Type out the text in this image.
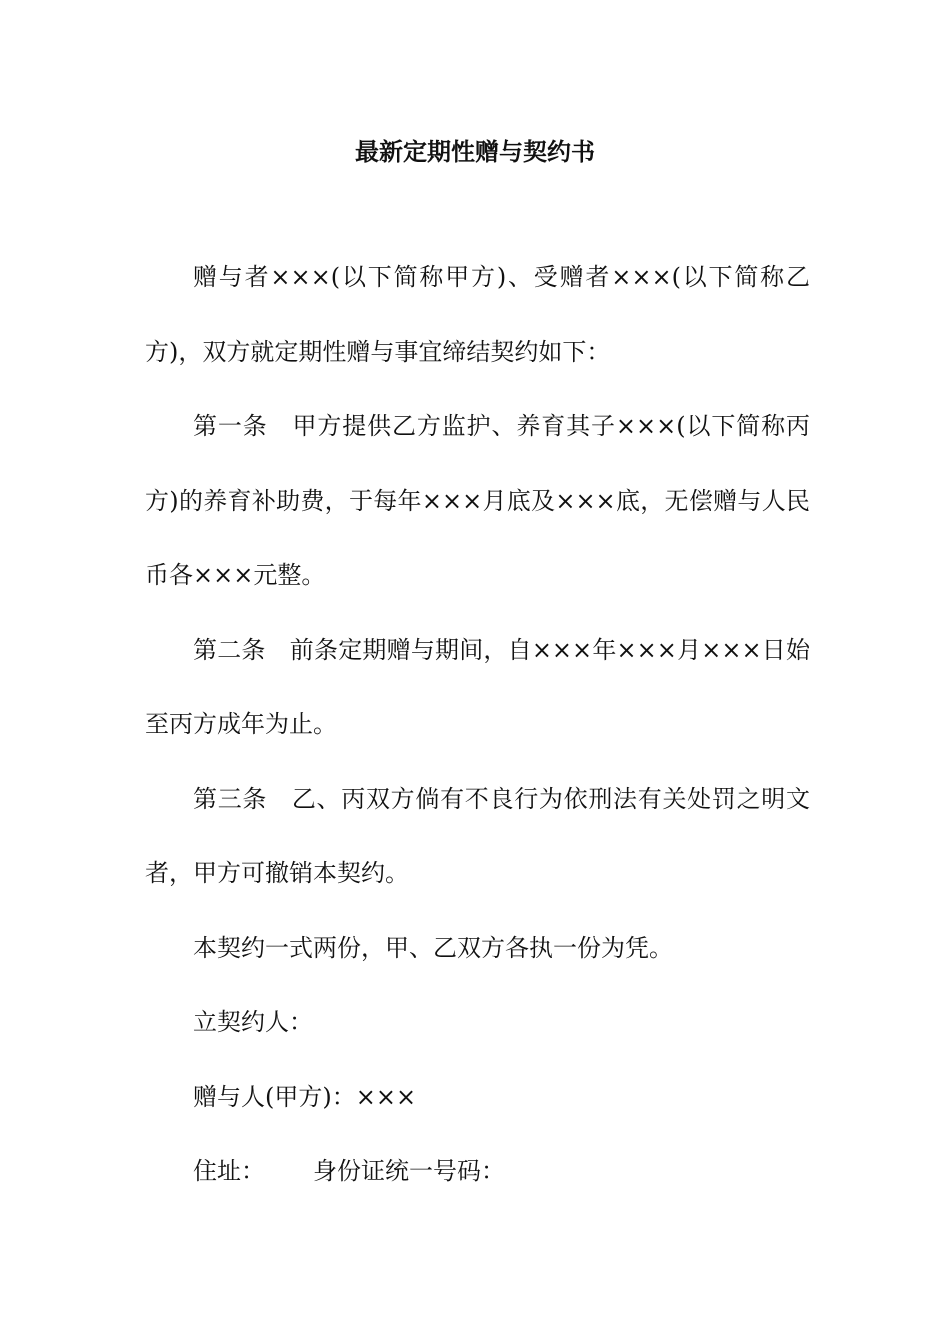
最新定期性赠与契约书

赠与者×××(以下简称甲方)、受赠者×××(以下简称乙方)，双方就定期性赠与事宜缔结契约如下：

第一条 甲方提供乙方监护、养育其子×××(以下简称丙方)的养育补助费，于每年×××月底及×××底，无偿赠与人民币各×××元整。

第二条 前条定期赠与期间，自×××年×××月×××日始至丙方成年为止。

第三条 乙、丙双方倘有不良行为依刑法有关处罚之明文者，甲方可撤销本契约。

本契约一式两份，甲、乙双方各执一份为凭。

立契约人：

赠与人(甲方)：×××

住址： 身份证统一号码：
